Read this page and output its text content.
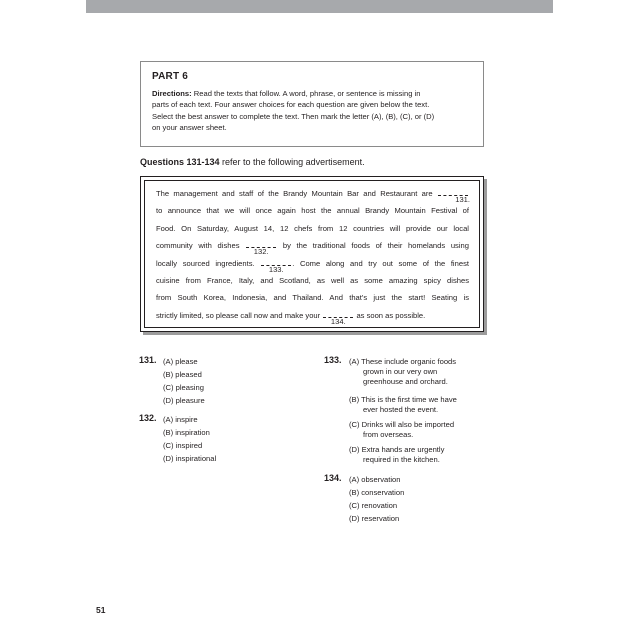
PART 6
Directions: Read the texts that follow. A word, phrase, or sentence is missing in
parts of each text. Four answer choices for each question are given below the text.
Select the best answer to complete the text. Then mark the letter (A), (B), (C), or (D)
on your answer sheet.
Questions 131-134 refer to the following advertisement.
The management and staff of the Brandy Mountain Bar and Restaurant are
131.
to announce that we will once again host the annual Brandy Mountain Festival of
Food. On Saturday, August 14, 12 chefs from 12 countries will provide our local
community with dishes
132.
by the traditional foods of their homelands using
locally sourced ingredients.
133.
. Come along and try out some of the finest
cuisine from France, Italy, and Scotland, as well as some amazing spicy dishes
from South Korea, Indonesia, and Thailand. And that's just the start! Seating is
strictly limited, so please call now and make your
134.
as soon as possible.
131. (A) please
(B) pleased
(C) pleasing
(D) pleasure
132. (A) inspire
(B) inspiration
(C) inspired
(D) inspirational
133. (A) These include organic foods
grown in our very own
greenhouse and orchard.
(B) This is the first time we have
ever hosted the event.
(C) Drinks will also be imported
from overseas.
(D) Extra hands are urgently
required in the kitchen.
134. (A) observation
(B) conservation
(C) renovation
(D) reservation
51
